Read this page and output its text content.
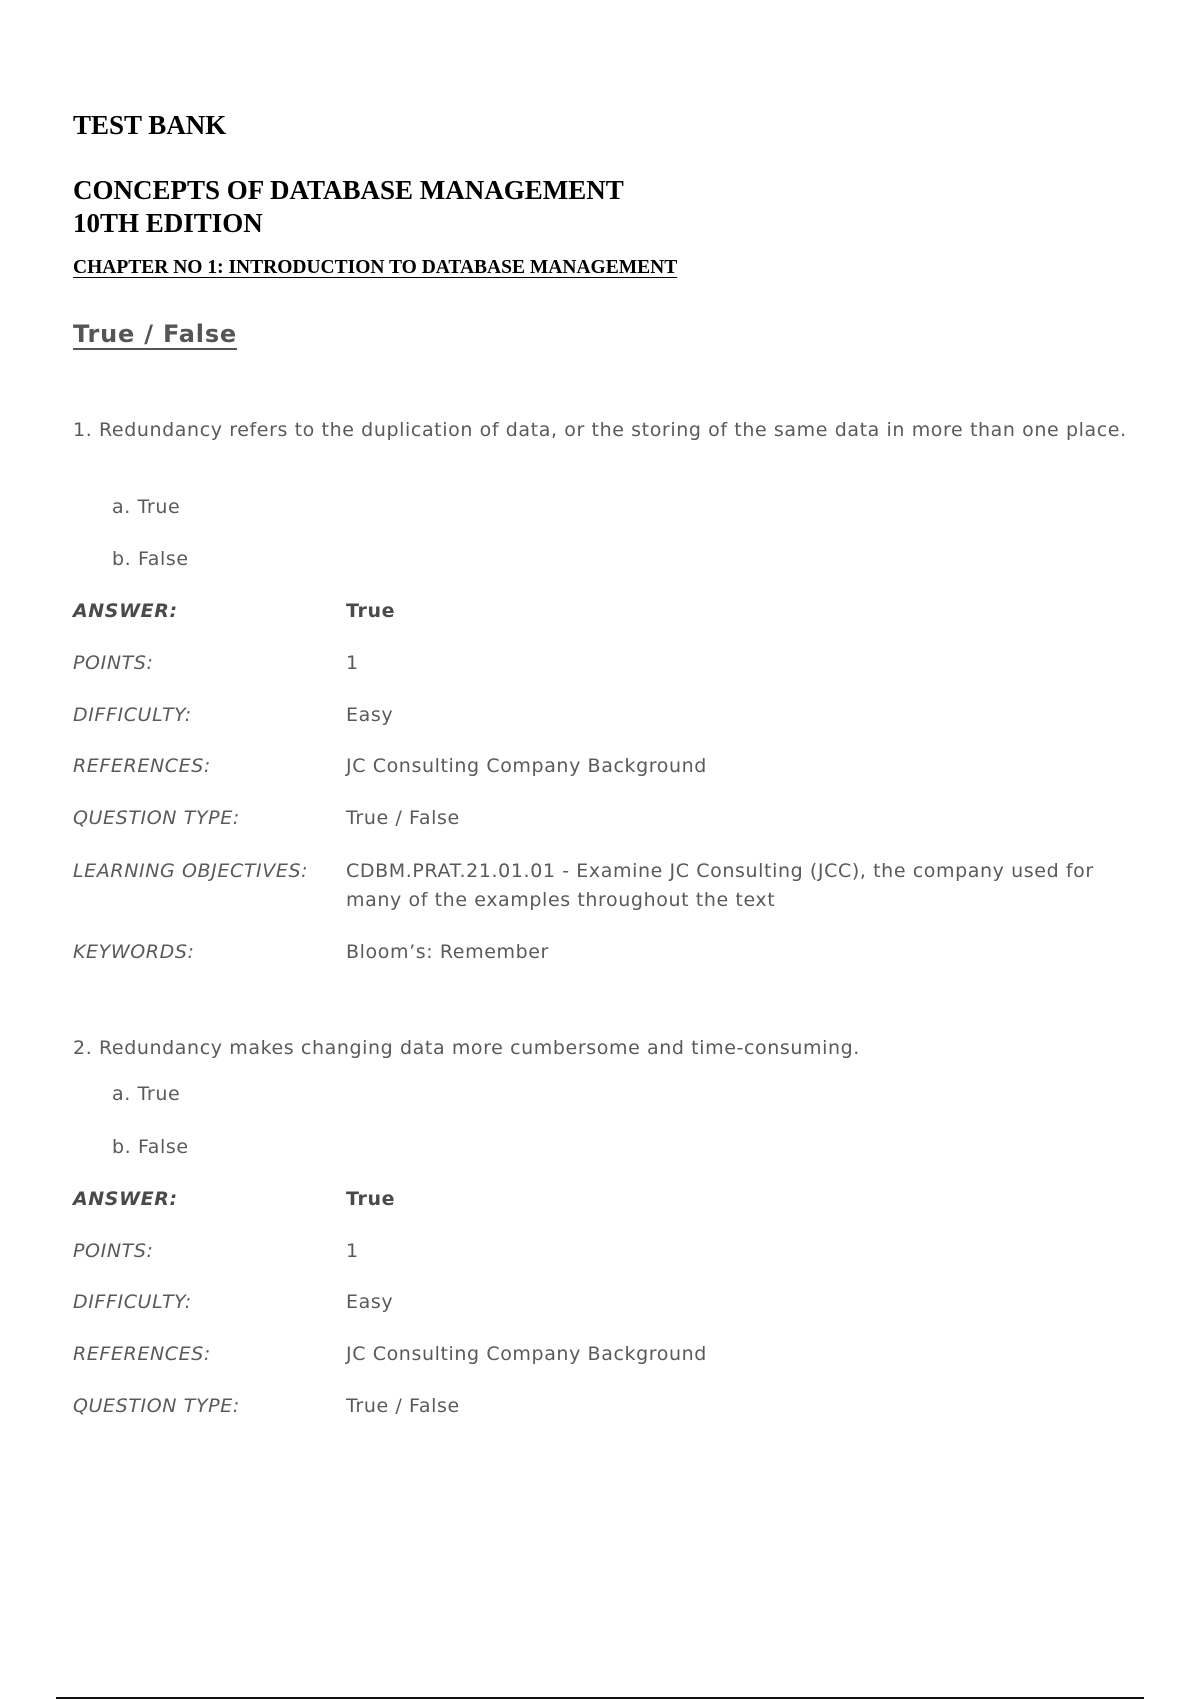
TEST BANK
CONCEPTS OF DATABASE MANAGEMENT
10TH EDITION
CHAPTER NO 1: INTRODUCTION TO DATABASE MANAGEMENT
True / False
1. Redundancy refers to the duplication of data, or the storing of the same data in more than one place.
a. True
b. False
ANSWER:	True
POINTS:	1
DIFFICULTY:	Easy
REFERENCES:	JC Consulting Company Background
QUESTION TYPE:	True / False
LEARNING OBJECTIVES: CDBM.PRAT.21.01.01 - Examine JC Consulting (JCC), the company used for many of the examples throughout the text
KEYWORDS:	Bloom’s: Remember
2. Redundancy makes changing data more cumbersome and time-consuming.
a. True
b. False
ANSWER:	True
POINTS:	1
DIFFICULTY:	Easy
REFERENCES:	JC Consulting Company Background
QUESTION TYPE:	True / False
